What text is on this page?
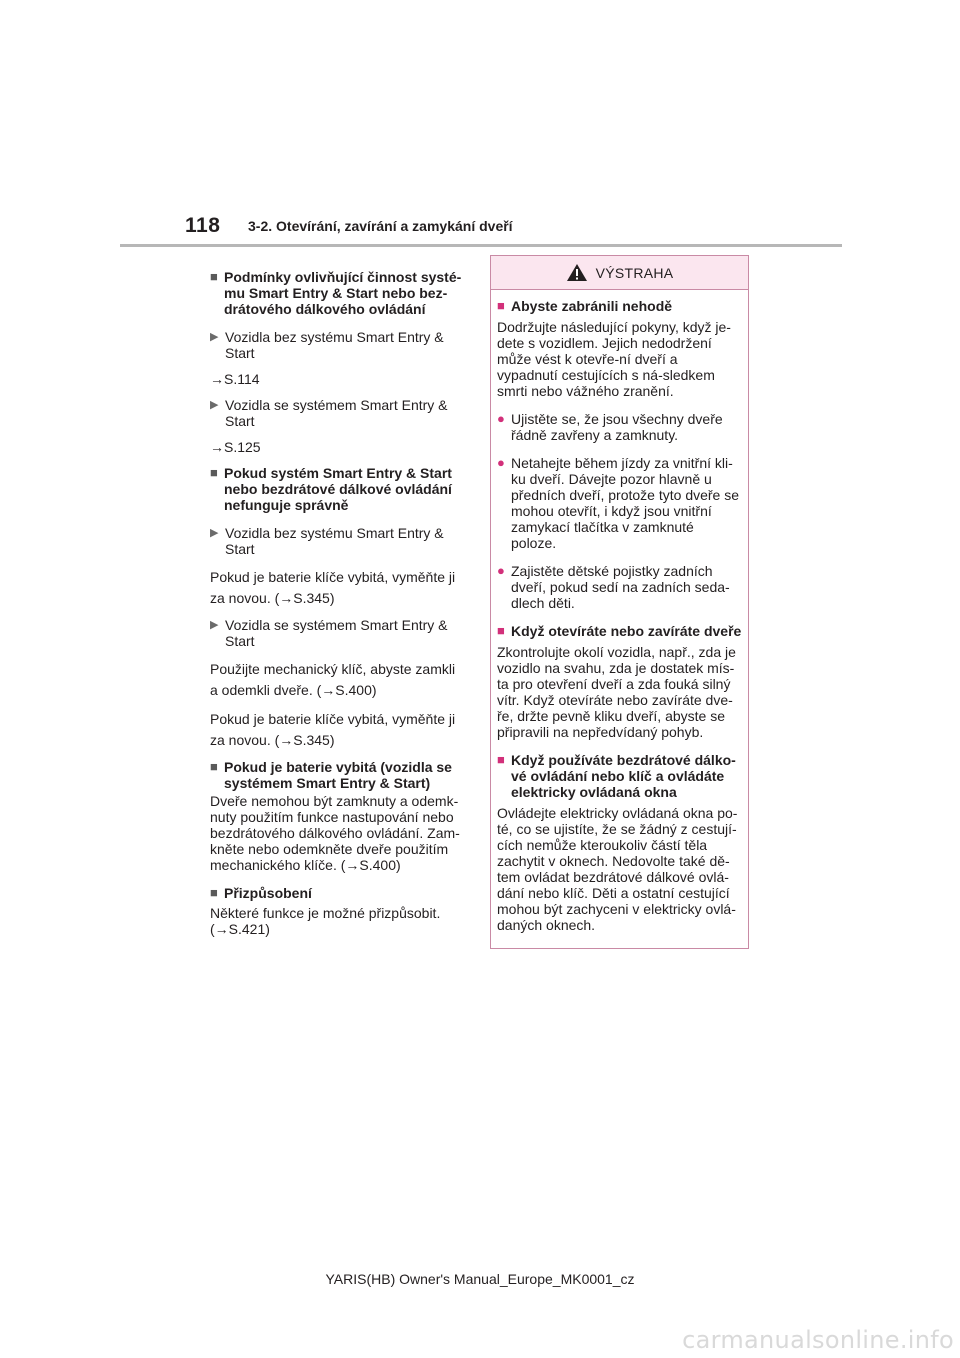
118 3-2. Otevírání, zavírání a zamykání dveří
■ Podmínky ovlivňující činnost systé-mu Smart Entry & Start nebo bez-drátového dálkového ovládání
▶ Vozidla bez systému Smart Entry & Start
→S.114
▶ Vozidla se systémem Smart Entry & Start
→S.125
■ Pokud systém Smart Entry & Start nebo bezdrátové dálkové ovládání nefunguje správně
▶ Vozidla bez systému Smart Entry & Start
Pokud je baterie klíče vybitá, vyměňte ji za novou. (→S.345)
▶ Vozidla se systémem Smart Entry & Start
Použijte mechanický klíč, abyste zamkli a odemkli dveře. (→S.400)
Pokud je baterie klíče vybitá, vyměňte ji za novou. (→S.345)
■ Pokud je baterie vybitá (vozidla se systémem Smart Entry & Start)
Dveře nemohou být zamknuty a odemk-nuty použitím funkce nastupování nebo bezdrátového dálkového ovládání. Zam-kněte nebo odemkněte dveře použitím mechanického klíče. (→S.400)
■ Přizpůsobení
Některé funkce je možné přizpůsobit. (→S.421)
VÝSTRAHA
■ Abyste zabránili nehodě
Dodržujte následující pokyny, když je-dete s vozidlem. Jejich nedodržení může vést k otevře-ní dveří a vypadnutí cestujících s ná-sledkem smrti nebo vážného zranění.
● Ujistěte se, že jsou všechny dveře řádně zavřeny a zamknuty.
● Netahejte během jízdy za vnitřní kli-ku dveří. Dávejte pozor hlavně u předních dveří, protože tyto dveře se mohou otevřít, i když jsou vnitřní zamykací tlačítka v zamknuté poloze.
● Zajistěte dětské pojistky zadních dveří, pokud sedí na zadních seda-dlech děti.
■ Když otevíráte nebo zavíráte dveře
Zkontrolujte okolí vozidla, např., zda je vozidlo na svahu, zda je dostatek mís-ta pro otevření dveří a zda fouká silný vítr. Když otevíráte nebo zavíráte dve-ře, držte pevně kliku dveří, abyste se připravili na nepředvídaný pohyb.
■ Když používáte bezdrátové dálko-vé ovládání nebo klíč a ovládáte elektricky ovládaná okna
Ovládejte elektricky ovládaná okna po-té, co se ujistíte, že se žádný z cestují-cích nemůže kteroukoliv částí těla zachytit v oknech. Nedovolte také dě-tem ovládat bezdrátové dálkové ovlá-dání nebo klíč. Děti a ostatní cestující mohou být zachyceni v elektricky ovlá-daných oknech.
YARIS(HB) Owner's Manual_Europe_MK0001_cz
carmanualsonline.info
